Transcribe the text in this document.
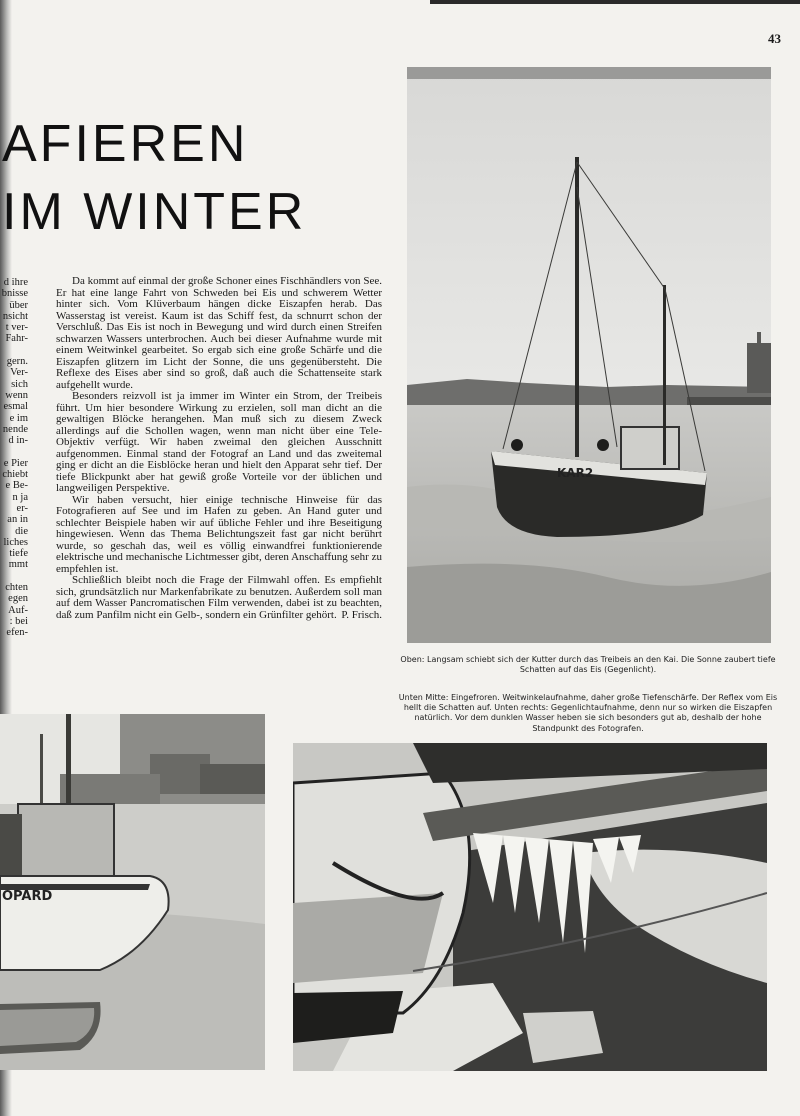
43
AFIEREN
IM WINTER
d ihre
bnisse
über
nsicht
t ver-
Fahr-

gern.
Ver-
sich
wenn
esmal
e im
nende
d in-

e Pier
chiebt
e Be-
n ja
er-
an in
die
liches
tiefe
mmt

chten
egen
Auf-
: bei
efen-

Da kommt auf einmal der große Schoner eines Fischhändlers von See. Er hat eine lange Fahrt von Schweden bei Eis und schwerem Wetter hinter sich. Vom Klüverbaum hängen dicke Eiszapfen herab. Das Wasserstag ist vereist. Kaum ist das Schiff fest, da schnurrt schon der Verschluß. Das Eis ist noch in Bewegung und wird durch einen Streifen schwarzen Wassers unterbrochen. Auch bei dieser Aufnahme wurde mit einem Weitwinkel gearbeitet. So ergab sich eine große Schärfe und die Eiszapfen glitzern im Licht der Sonne, die uns gegenübersteht. Die Reflexe des Eises aber sind so groß, daß auch die Schattenseite stark aufgehellt wurde.

Besonders reizvoll ist ja immer im Winter ein Strom, der Treibeis führt. Um hier besondere Wirkung zu erzielen, soll man dicht an die gewaltigen Blöcke herangehen. Man muß sich zu diesem Zweck allerdings auf die Schollen wagen, wenn man nicht über eine Tele-Objektiv verfügt. Wir haben zweimal den gleichen Ausschnitt aufgenommen. Einmal stand der Fotograf an Land und das zweitemal ging er dicht an die Eisblöcke heran und hielt den Apparat sehr tief. Der tiefe Blickpunkt aber hat gewiß große Vorteile vor der üblichen und langweiligen Perspektive.

Wir haben versucht, hier einige technische Hinweise für das Fotografieren auf See und im Hafen zu geben. An Hand guter und schlechter Beispiele haben wir auf übliche Fehler und ihre Beseitigung hingewiesen. Wenn das Thema Belichtungszeit fast gar nicht berührt wurde, so geschah das, weil es völlig einwandfrei funktionierende elektrische und mechanische Lichtmesser gibt, deren Anschaffung sehr zu empfehlen ist.

Schließlich bleibt noch die Frage der Filmwahl offen. Es empfiehlt sich, grundsätzlich nur Markenfabrikate zu benutzen. Außerdem soll man auf dem Wasser Pancromatischen Film verwenden, dabei ist zu beachten, daß zum Panfilm nicht ein Gelb-, sondern ein Grünfilter gehört. P. Frisch.
KAR2
Oben: Langsam schiebt sich der Kutter durch das Treibeis an den Kai. Die Sonne zaubert tiefe Schatten auf das Eis (Gegenlicht).
Unten Mitte: Eingefroren. Weitwinkelaufnahme, daher große Tiefenschärfe. Der Reflex vom Eis hellt die Schatten auf. Unten rechts: Gegenlichtaufnahme, denn nur so wirken die Eiszapfen natürlich. Vor dem dunklen Wasser heben sie sich besonders gut ab, deshalb der hohe Standpunkt des Fotografen.
OPARD
